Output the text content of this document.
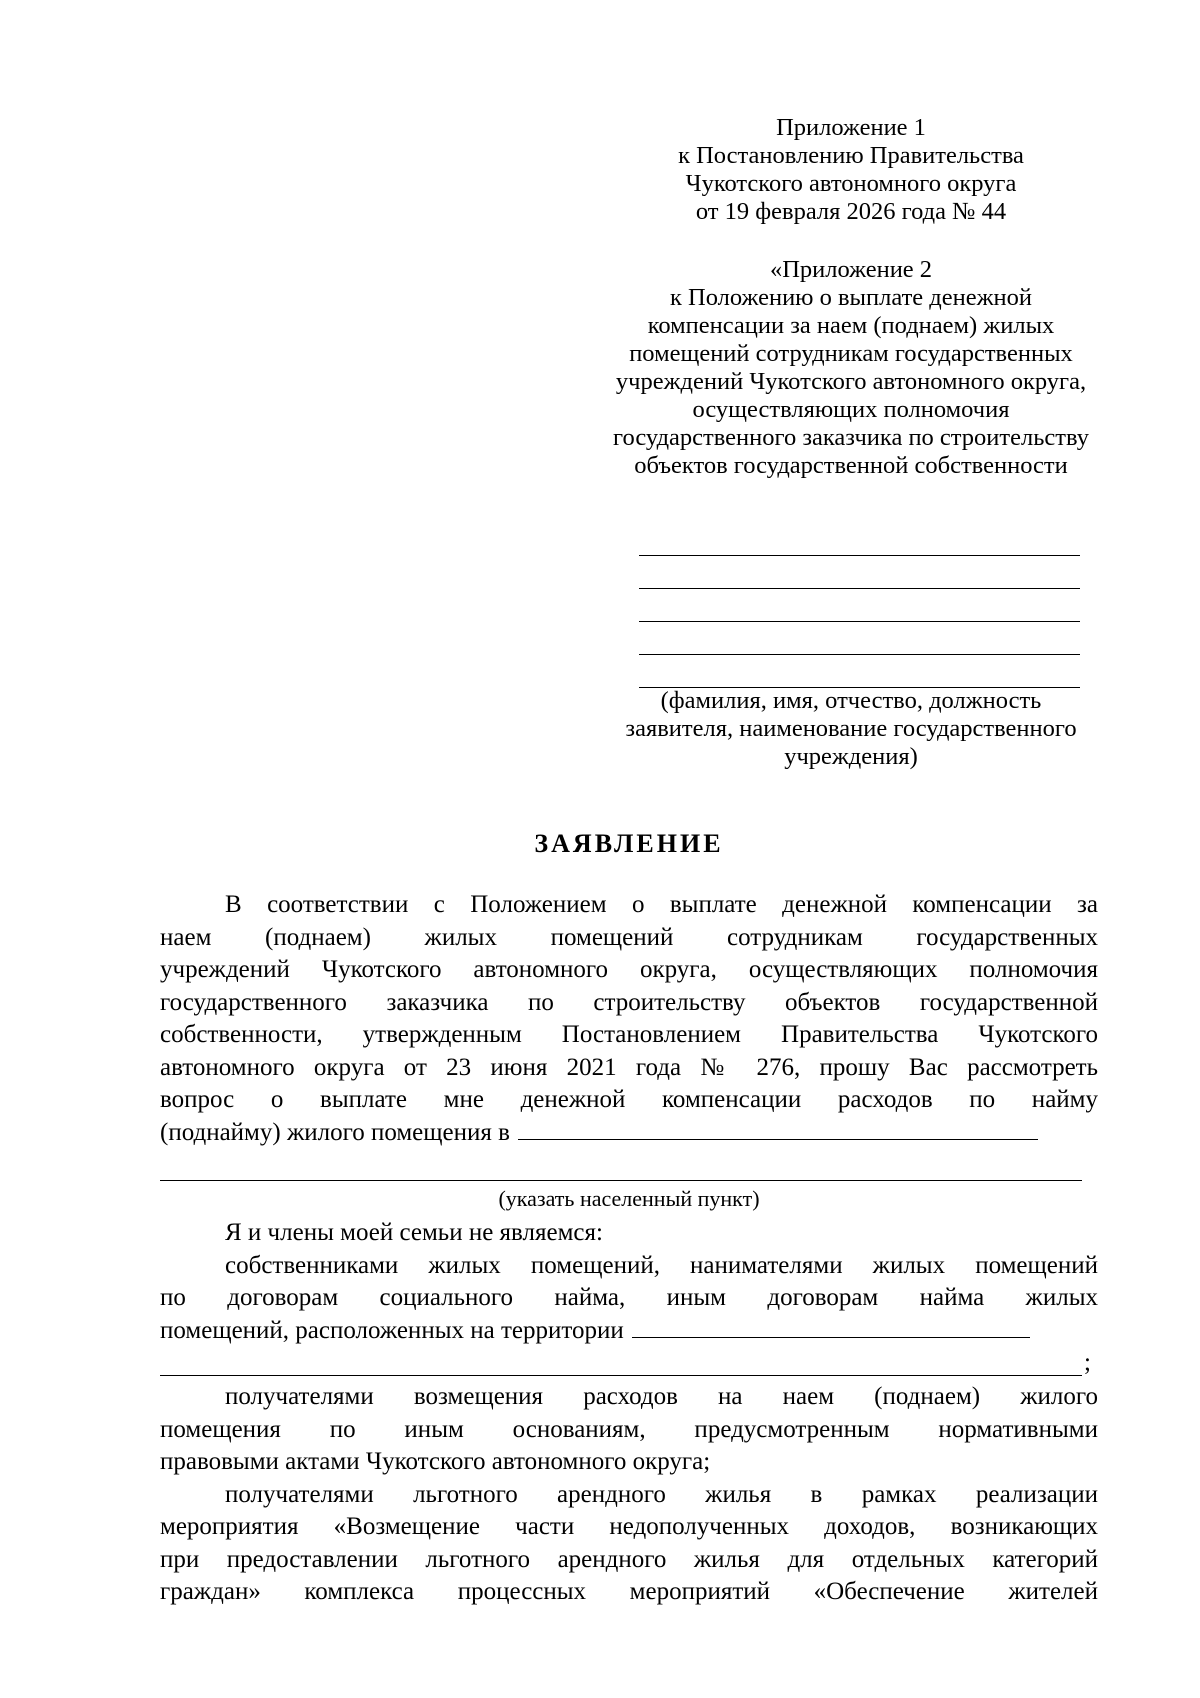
Приложение 1
к Постановлению Правительства
Чукотского автономного округа
от 19 февраля 2026 года № 44
«Приложение 2
к Положению о выплате денежной
компенсации за наем (поднаем) жилых
помещений сотрудникам государственных
учреждений Чукотского автономного округа,
осуществляющих полномочия
государственного заказчика по строительству
объектов государственной собственности
(фамилия, имя, отчество, должность
заявителя, наименование государственного
учреждения)
ЗАЯВЛЕНИЕ
В соответствии с Положением о выплате денежной компенсации за
наем (поднаем) жилых помещений сотрудникам государственных
учреждений Чукотского автономного округа, осуществляющих полномочия
государственного заказчика по строительству объектов государственной
собственности, утвержденным Постановлением Правительства Чукотского
автономного округа от 23 июня 2021 года № 276, прошу Вас рассмотреть
вопрос о выплате мне денежной компенсации расходов по найму
(поднайму) жилого помещения в
(указать населенный пункт)
Я и члены моей семьи не являемся:
собственниками жилых помещений, нанимателями жилых помещений
по договорам социального найма, иным договорам найма жилых
помещений, расположенных на территории
;
получателями возмещения расходов на наем (поднаем) жилого
помещения по иным основаниям, предусмотренным нормативными
правовыми актами Чукотского автономного округа;
получателями льготного арендного жилья в рамках реализации
мероприятия «Возмещение части недополученных доходов, возникающих
при предоставлении льготного арендного жилья для отдельных категорий
граждан» комплекса процессных мероприятий «Обеспечение жителей
